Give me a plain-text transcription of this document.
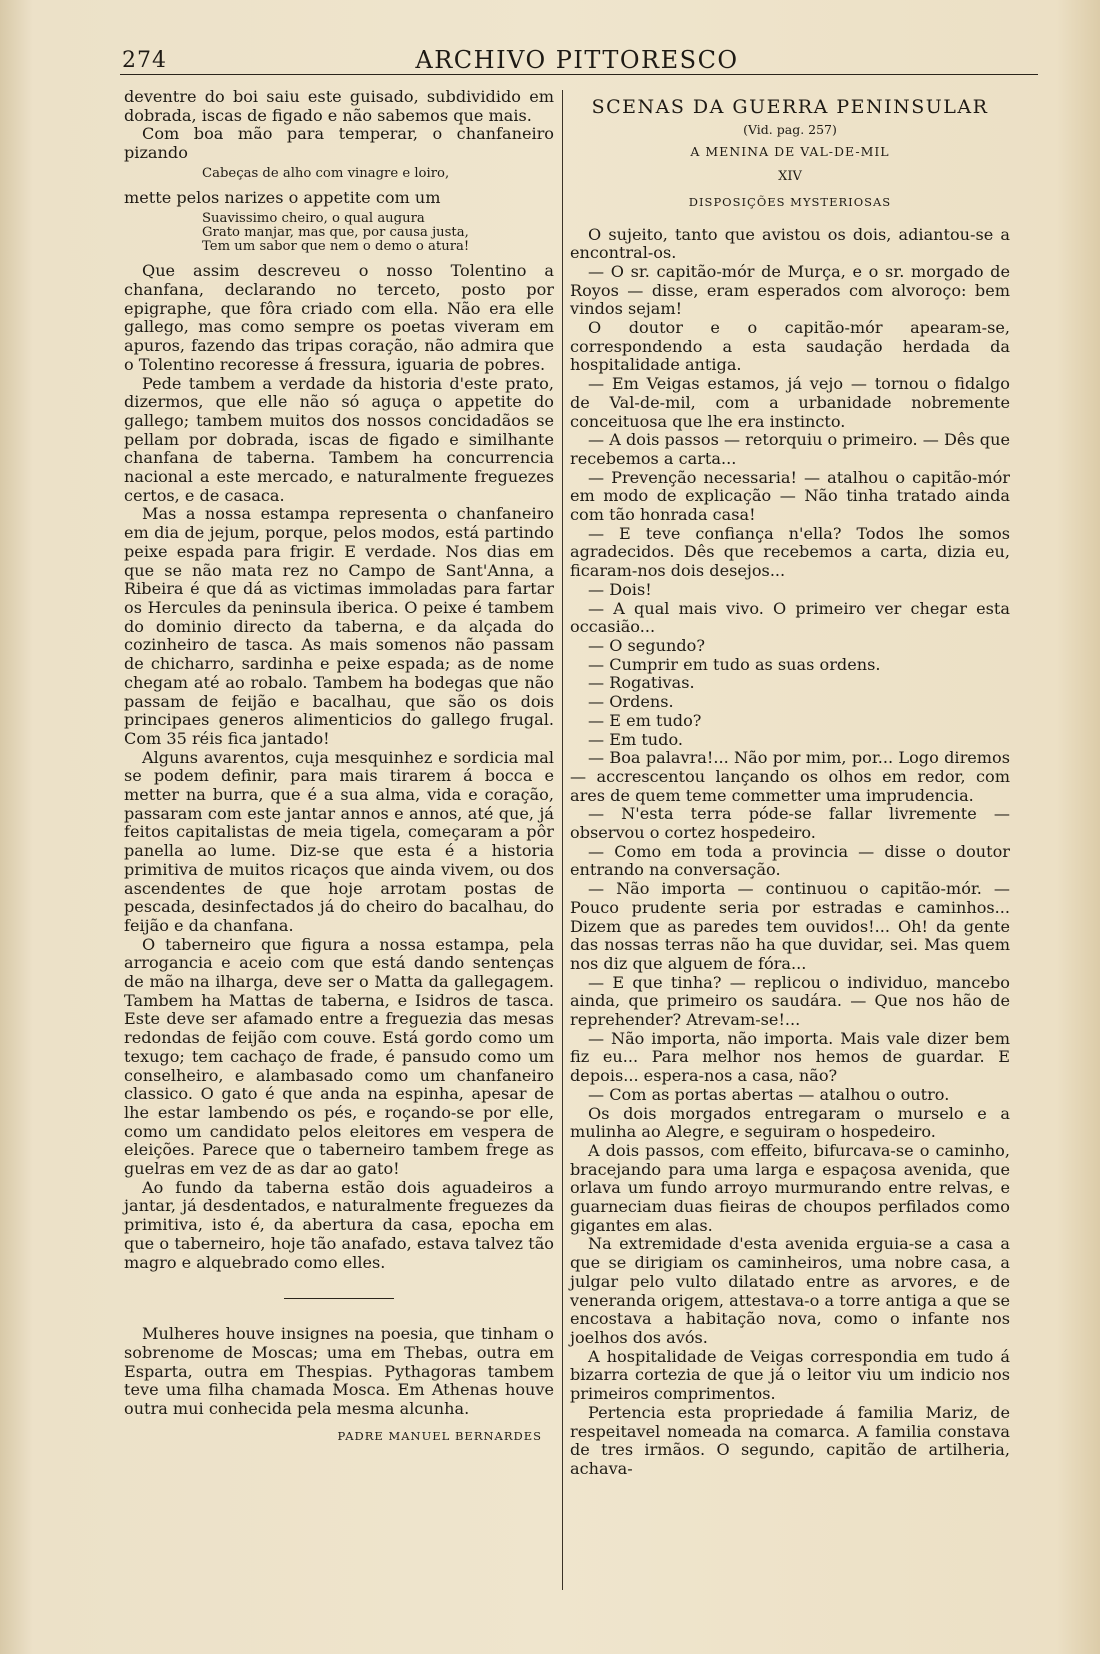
274	ARCHIVO PITTORESCO

deventre do boi saiu este guisado, subdividido em dobrada, iscas de figado e não sabemos que mais.

Com boa mão para temperar, o chanfaneiro pizando

Cabeças de alho com vinagre e loiro,

mette pelos narizes o appetite com um

Suavissimo cheiro, o qual augura
Grato manjar, mas que, por causa justa,
Tem um sabor que nem o demo o atura!

Que assim descreveu o nosso Tolentino a chanfana, declarando no terceto, posto por epigraphe, que fôra criado com ella. Não era elle gallego, mas como sempre os poetas viveram em apuros, fazendo das tripas coração, não admira que o Tolentino recoresse á fressura, iguaria de pobres.

Pede tambem a verdade da historia d'este prato, dizermos, que elle não só aguça o appetite do gallego; tambem muitos dos nossos concidadãos se pellam por dobrada, iscas de figado e similhante chanfana de taberna. Tambem ha concurrencia nacional a este mercado, e naturalmente freguezes certos, e de casaca.

Mas a nossa estampa representa o chanfaneiro em dia de jejum, porque, pelos modos, está partindo peixe espada para frigir. E verdade. Nos dias em que se não mata rez no Campo de Sant'Anna, a Ribeira é que dá as victimas immoladas para fartar os Hercules da peninsula iberica. O peixe é tambem do dominio directo da taberna, e da alçada do cozinheiro de tasca. As mais somenos não passam de chicharro, sardinha e peixe espada; as de nome chegam até ao robalo. Tambem ha bodegas que não passam de feijão e bacalhau, que são os dois principaes generos alimenticios do gallego frugal. Com 35 réis fica jantado!

Alguns avarentos, cuja mesquinhez e sordicia mal se podem definir, para mais tirarem á bocca e metter na burra, que é a sua alma, vida e coração, passaram com este jantar annos e annos, até que, já feitos capitalistas de meia tigela, começaram a pôr panella ao lume. Diz-se que esta é a historia primitiva de muitos ricaços que ainda vivem, ou dos ascendentes de que hoje arrotam postas de pescada, desinfectados já do cheiro do bacalhau, do feijão e da chanfana.

O taberneiro que figura a nossa estampa, pela arrogancia e aceio com que está dando sentenças de mão na ilharga, deve ser o Matta da gallegagem. Tambem ha Mattas de taberna, e Isidros de tasca. Este deve ser afamado entre a freguezia das mesas redondas de feijão com couve. Está gordo como um texugo; tem cachaço de frade, é pansudo como um conselheiro, e alambasado como um chanfaneiro classico. O gato é que anda na espinha, apesar de lhe estar lambendo os pés, e roçando-se por elle, como um candidato pelos eleitores em vespera de eleições. Parece que o taberneiro tambem frege as guelras em vez de as dar ao gato!

Ao fundo da taberna estão dois aguadeiros a jantar, já desdentados, e naturalmente freguezes da primitiva, isto é, da abertura da casa, epocha em que o taberneiro, hoje tão anafado, estava talvez tão magro e alquebrado como elles.

Mulheres houve insignes na poesia, que tinham o sobrenome de Moscas; uma em Thebas, outra em Esparta, outra em Thespias. Pythagoras tambem teve uma filha chamada Mosca. Em Athenas houve outra mui conhecida pela mesma alcunha.

PADRE MANUEL BERNARDES
SCENAS DA GUERRA PENINSULAR
(Vid. pag. 257)
A MENINA DE VAL-DE-MIL
XIV
DISPOSIÇÕES MYSTERIOSAS

O sujeito, tanto que avistou os dois, adiantou-se a encontral-os.

— O sr. capitão-mór de Murça, e o sr. morgado de Royos — disse, eram esperados com alvoroço: bem vindos sejam!

O doutor e o capitão-mór apearam-se, correspondendo a esta saudação herdada da hospitalidade antiga.

— Em Veigas estamos, já vejo — tornou o fidalgo de Val-de-mil, com a urbanidade nobremente conceituosa que lhe era instincto.

— A dois passos — retorquiu o primeiro. — Dês que recebemos a carta...

— Prevenção necessaria! — atalhou o capitão-mór em modo de explicação — Não tinha tratado ainda com tão honrada casa!

— E teve confiança n'ella? Todos lhe somos agradecidos. Dês que recebemos a carta, dizia eu, ficaram-nos dois desejos...

— Dois!

— A qual mais vivo. O primeiro ver chegar esta occasião...

— O segundo?

— Cumprir em tudo as suas ordens.

— Rogativas.

— Ordens.

— E em tudo?

— Em tudo.

— Boa palavra!... Não por mim, por... Logo diremos — accrescentou lançando os olhos em redor, com ares de quem teme commetter uma imprudencia.

— N'esta terra póde-se fallar livremente — observou o cortez hospedeiro.

— Como em toda a provincia — disse o doutor entrando na conversação.

— Não importa — continuou o capitão-mór. — Pouco prudente seria por estradas e caminhos... Dizem que as paredes tem ouvidos!... Oh! da gente das nossas terras não ha que duvidar, sei. Mas quem nos diz que alguem de fóra...

— E que tinha? — replicou o individuo, mancebo ainda, que primeiro os saudára. — Que nos hão de reprehender? Atrevam-se!...

— Não importa, não importa. Mais vale dizer bem fiz eu... Para melhor nos hemos de guardar. E depois... espera-nos a casa, não?

— Com as portas abertas — atalhou o outro.

Os dois morgados entregaram o murselo e a mulinha ao Alegre, e seguiram o hospedeiro.

A dois passos, com effeito, bifurcava-se o caminho, bracejando para uma larga e espaçosa avenida, que orlava um fundo arroyo murmurando entre relvas, e guarneciam duas fieiras de choupos perfilados como gigantes em alas.

Na extremidade d'esta avenida erguia-se a casa a que se dirigiam os caminheiros, uma nobre casa, a julgar pelo vulto dilatado entre as arvores, e de veneranda origem, attestava-o a torre antiga a que se encostava a habitação nova, como o infante nos joelhos dos avós.

A hospitalidade de Veigas correspondia em tudo á bizarra cortezia de que já o leitor viu um indicio nos primeiros comprimentos.

Pertencia esta propriedade á familia Mariz, de respeitavel nomeada na comarca. A familia constava de tres irmãos. O segundo, capitão de artilheria, achava-
